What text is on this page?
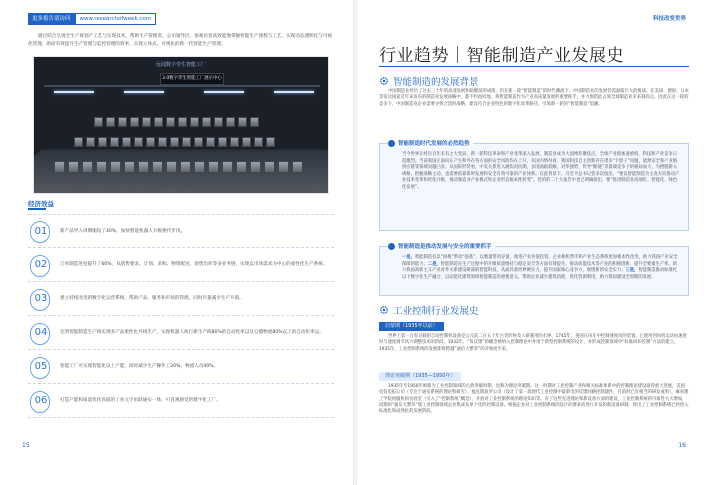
更多报告请访问	www.researchofweek.com

通过结合呈现全生产规划产工艺与实现技术，帮助生产管理者、公司领导层、参观访客高效能地掌握智能生产流程与工艺，实现动态透明化与可视化管理，助而有效提升生产管理与监控管理的效率，实现立体式、可视化的新一代智能生产管理。

远闻数字孪生智能工厂
3.0数字孪生智能工厂展示中心
经济效益
01	新产品导入周期缩短了40%，加快智能机器人升级换代步伐。
02	订单制造进度提升了60%，从销售要求、计划、采购、物资配送、销售出库等多业务链，实现以市场需求为中心的柔性化生产系统。
03	建立持续改进的数字化运营系统，帮助产品、服务和市场的管理，同时尽量减少生产开销。
04	达到智能制造生产线实现多产品柔性化共线生产，实现机器人执行新生产线80%的自动化率以及仓储物流80%以上的自动化率运。
05	智能工厂可实现智能化以上产能，同时减少生产操作工20%，物流人员40%。
06	打造产能和质量优化高质的工业元宇宙联通实一体，可直观感受的数字化工厂。
15
科技改变世界
行业趋势｜智能制造产业发展史
智能制造的发展背景

中国制造业经历了过去三十年的高速发展和稳健前的成绩，但在新一轮“智能制造”的时代潮流下，中国制造业的发展仍需面临巨大的挑战。在美国、德国、日本等发达国家近年来发布的制造业发展战略中，都不约而同地，将智能制造作为产业高质量发展的重要抓手，并力图借此占领全球制造业未来制高点。因此在这一轮的竞争下，中国制造业企业需要寻找合适的战略，建设符合企业特色的数字化改革路径，引领新一轮的“智能制造”浪潮。

智能制造时代发展的必然趋势

当今世界正经历百年未有之大变局，新一轮科技革命和产业变革深入发展，制造业成为大国博弈聚焦点，全球产业链加速重构，科技和产业竞争日趋激烈。当前我国正面向在产生和外在各方面的安全风险均在上升，从国内情况看，我国和技自主创新存在诸多“卡脖子”问题，能源安全和产业链供应链等领域问题凸显；从国际形势看，中美关系进入脱钩对抗期，多国面临低额、对华强势、传导“断链”等低端竞争下的格局加大，为摆脱新入规格，把握战略主动，也需要依靠新时发展和安全有效可靠的产业体系。在此背景下，习近平总书记曾多次指出，“要以智能制造为主攻方向推动产业技术变革和优化升级，推动制造业产业模式和企业形态根本性转变”。党的的二十大报告中也已明确指出，要“推进制造业高端化、智能化、绿色化发展”。

智能制造是推动发展与安全的重要抓手

一是，智能制造有以“固根”带动“强基”，以数量带动存量，推进产业价值投资、企业相机带市和产业生态系统更加根本性改变，助力我国产业安全保障的能力；二是，智能制造在生产过程中的升级质量维持与稳定安全等方面有效提升，推动质能技术等产业的积极创新，提升全要素生产率，助力我国高新主义产业对外关系建设研部的智能科技，从面具备世界硬实力，提升国家核心竞争力，展现新的安全实力；三是，智能制造推动标准化以下数字化生产融合，以动能化建筑领域智能制造的重要意义，帮助企业减少建筑消耗，优化资源利用，助力我国建设全周期的发展。

工业控制行业发展史
启蒙期（1935年以前）

世界上第一台有记载的自动控制机设备是公元前二百五十年古老的埃及人研制用的水钟。1745年，英国在风车中控制速度问的装置，它使用到风机运动由速度时与速度调节风力调整技术的阶段。1932年，“负反馈”的概念被纳入控制理论中并用于新型控制系统的设计，并形成控制领域中“标准回环控制”方法的建立。1935年，工业控制系统的发展即将跨越“通信大繁荣”的开始而至来。

理论突破期（1935—1950年）

1935年至1950年被称为工业控制领域的古典突破时期，也称为理论突破期。这一时期对工业控制产业和相关标准体系中的控制理论建设取得重大进展，美国电信电报公司（专注于通信系统的理论和研究）、福克斯波罗公司（设计了第一款现代工业控制中最新电的反馈回路控制器件，目前时已有相当的研发成果）、麻省理工学院伺服机构实验室（引入了“控制系统”概念）、开放对工业控制系统的理论知识等。有了这些先进理论和新设备方面的建设，工业控制系统的可靠性大大增加，同期的“通信大繁荣”使工业控制领域企业集成从单个化的控制设备。根据企业对工业控制系统的设计的要求而进行开发的新设备研制，得出了工业控制系统已经进入标准化和成熟化的发展阶段。

16
